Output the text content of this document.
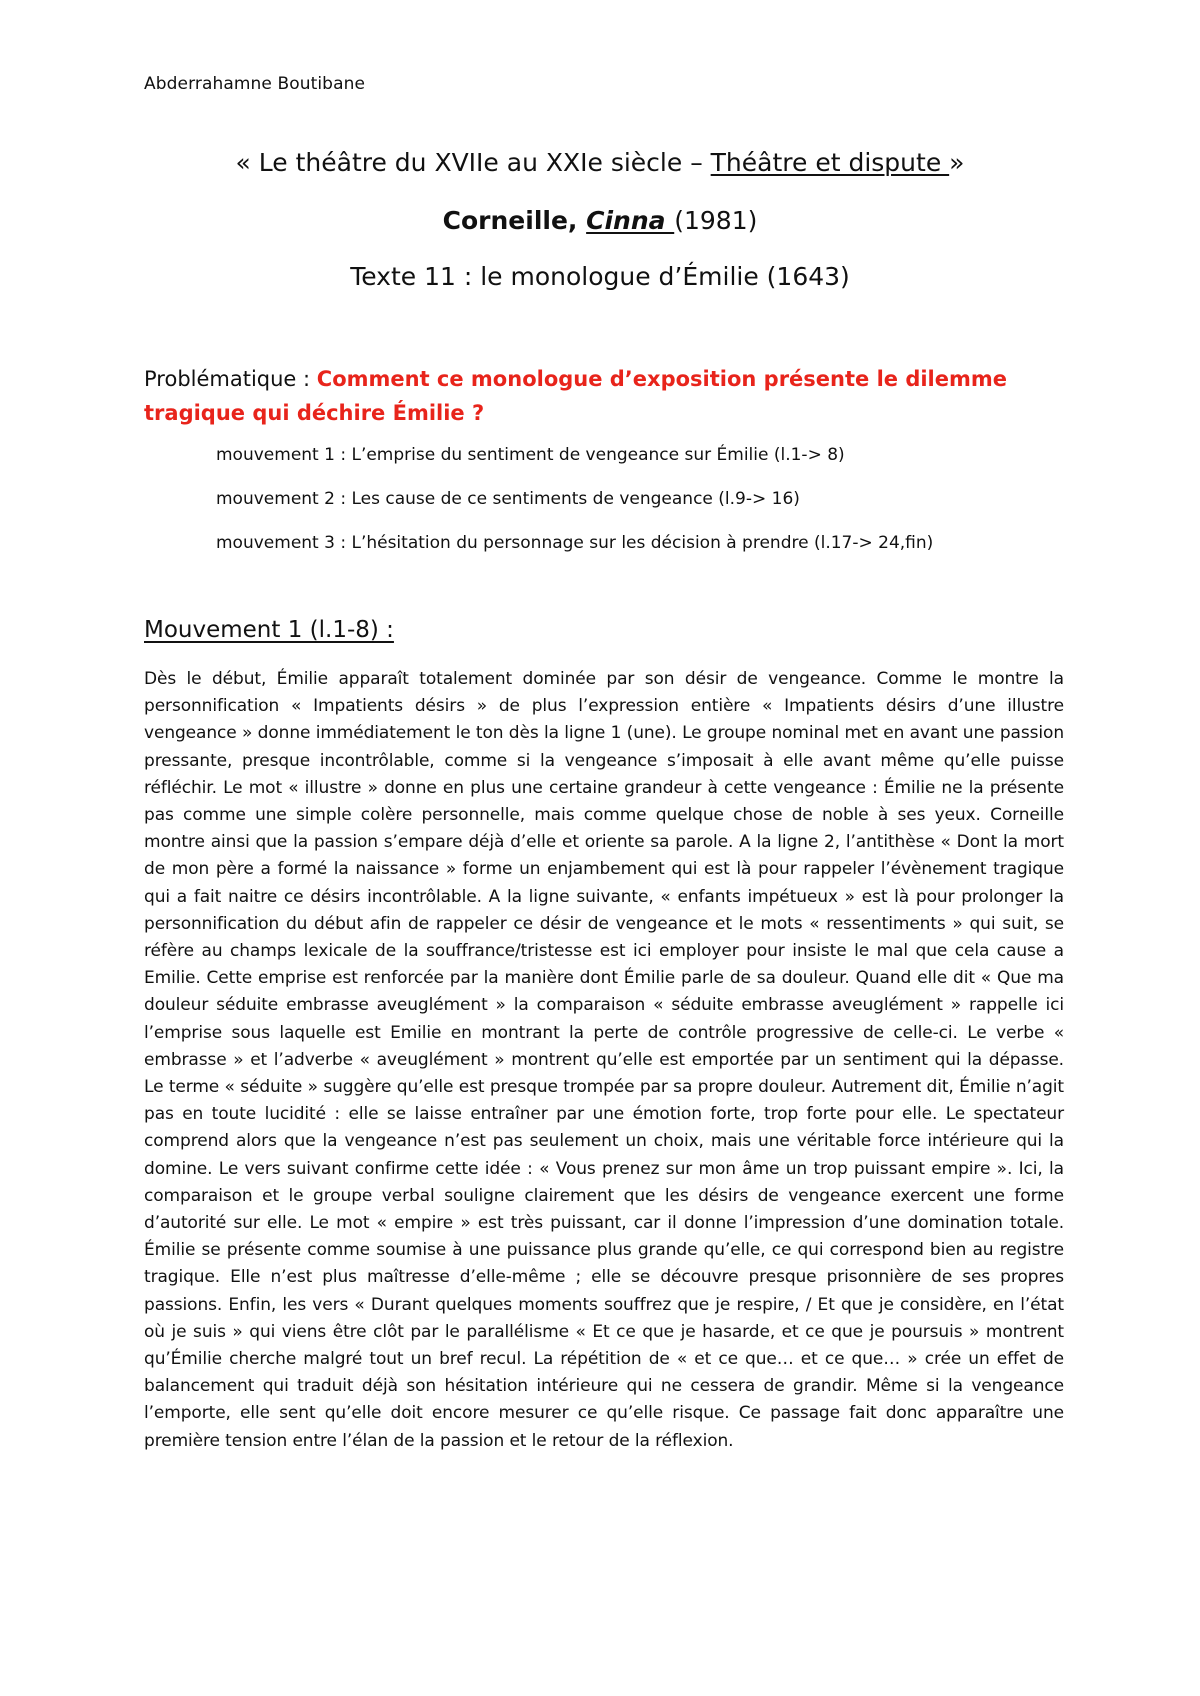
Abderrahamne Boutibane
« Le théâtre du XVIIe au XXIe siècle – Théâtre et dispute »
Corneille, Cinna (1981)
Texte 11 : le monologue d’Émilie (1643)
Problématique : Comment ce monologue d’exposition présente le dilemme tragique qui déchire Émilie ?
mouvement 1 : L’emprise du sentiment de vengeance sur Émilie (l.1-> 8)
mouvement 2 : Les cause de ce sentiments de vengeance (l.9-> 16)
mouvement 3 : L’hésitation du personnage sur les décision à prendre (l.17-> 24,fin)
Mouvement 1 (l.1-8) :
Dès le début, Émilie apparaît totalement dominée par son désir de vengeance. Comme le montre la personnification « Impatients désirs » de plus l’expression entière « Impatients désirs d’une illustre vengeance » donne immédiatement le ton dès la ligne 1 (une). Le groupe nominal met en avant une passion pressante, presque incontrôlable, comme si la vengeance s’imposait à elle avant même qu’elle puisse réfléchir. Le mot « illustre » donne en plus une certaine grandeur à cette vengeance : Émilie ne la présente pas comme une simple colère personnelle, mais comme quelque chose de noble à ses yeux. Corneille montre ainsi que la passion s’empare déjà d’elle et oriente sa parole. A la ligne 2, l’antithèse « Dont la mort de mon père a formé la naissance » forme un enjambement qui est là pour rappeler l’évènement tragique qui a fait naitre ce désirs incontrôlable. A la ligne suivante, « enfants impétueux » est là pour prolonger la personnification du début afin de rappeler ce désir de vengeance et le mots « ressentiments » qui suit, se réfère au champs lexicale de la souffrance/tristesse est ici employer pour insiste le mal que cela cause a Emilie. Cette emprise est renforcée par la manière dont Émilie parle de sa douleur. Quand elle dit « Que ma douleur séduite embrasse aveuglément » la comparaison « séduite embrasse aveuglément » rappelle ici l’emprise sous laquelle est Emilie en montrant la perte de contrôle progressive de celle-ci. Le verbe « embrasse » et l’adverbe « aveuglément » montrent qu’elle est emportée par un sentiment qui la dépasse. Le terme « séduite » suggère qu’elle est presque trompée par sa propre douleur. Autrement dit, Émilie n’agit pas en toute lucidité : elle se laisse entraîner par une émotion forte, trop forte pour elle. Le spectateur comprend alors que la vengeance n’est pas seulement un choix, mais une véritable force intérieure qui la domine. Le vers suivant confirme cette idée : « Vous prenez sur mon âme un trop puissant empire ». Ici, la comparaison et le groupe verbal souligne clairement que les désirs de vengeance exercent une forme d’autorité sur elle. Le mot « empire » est très puissant, car il donne l’impression d’une domination totale. Émilie se présente comme soumise à une puissance plus grande qu’elle, ce qui correspond bien au registre tragique. Elle n’est plus maîtresse d’elle-même ; elle se découvre presque prisonnière de ses propres passions. Enfin, les vers « Durant quelques moments souffrez que je respire, / Et que je considère, en l’état où je suis » qui viens être clôt par le parallélisme « Et ce que je hasarde, et ce que je poursuis » montrent qu’Émilie cherche malgré tout un bref recul. La répétition de « et ce que… et ce que… » crée un effet de balancement qui traduit déjà son hésitation intérieure qui ne cessera de grandir. Même si la vengeance l’emporte, elle sent qu’elle doit encore mesurer ce qu’elle risque. Ce passage fait donc apparaître une première tension entre l’élan de la passion et le retour de la réflexion.
